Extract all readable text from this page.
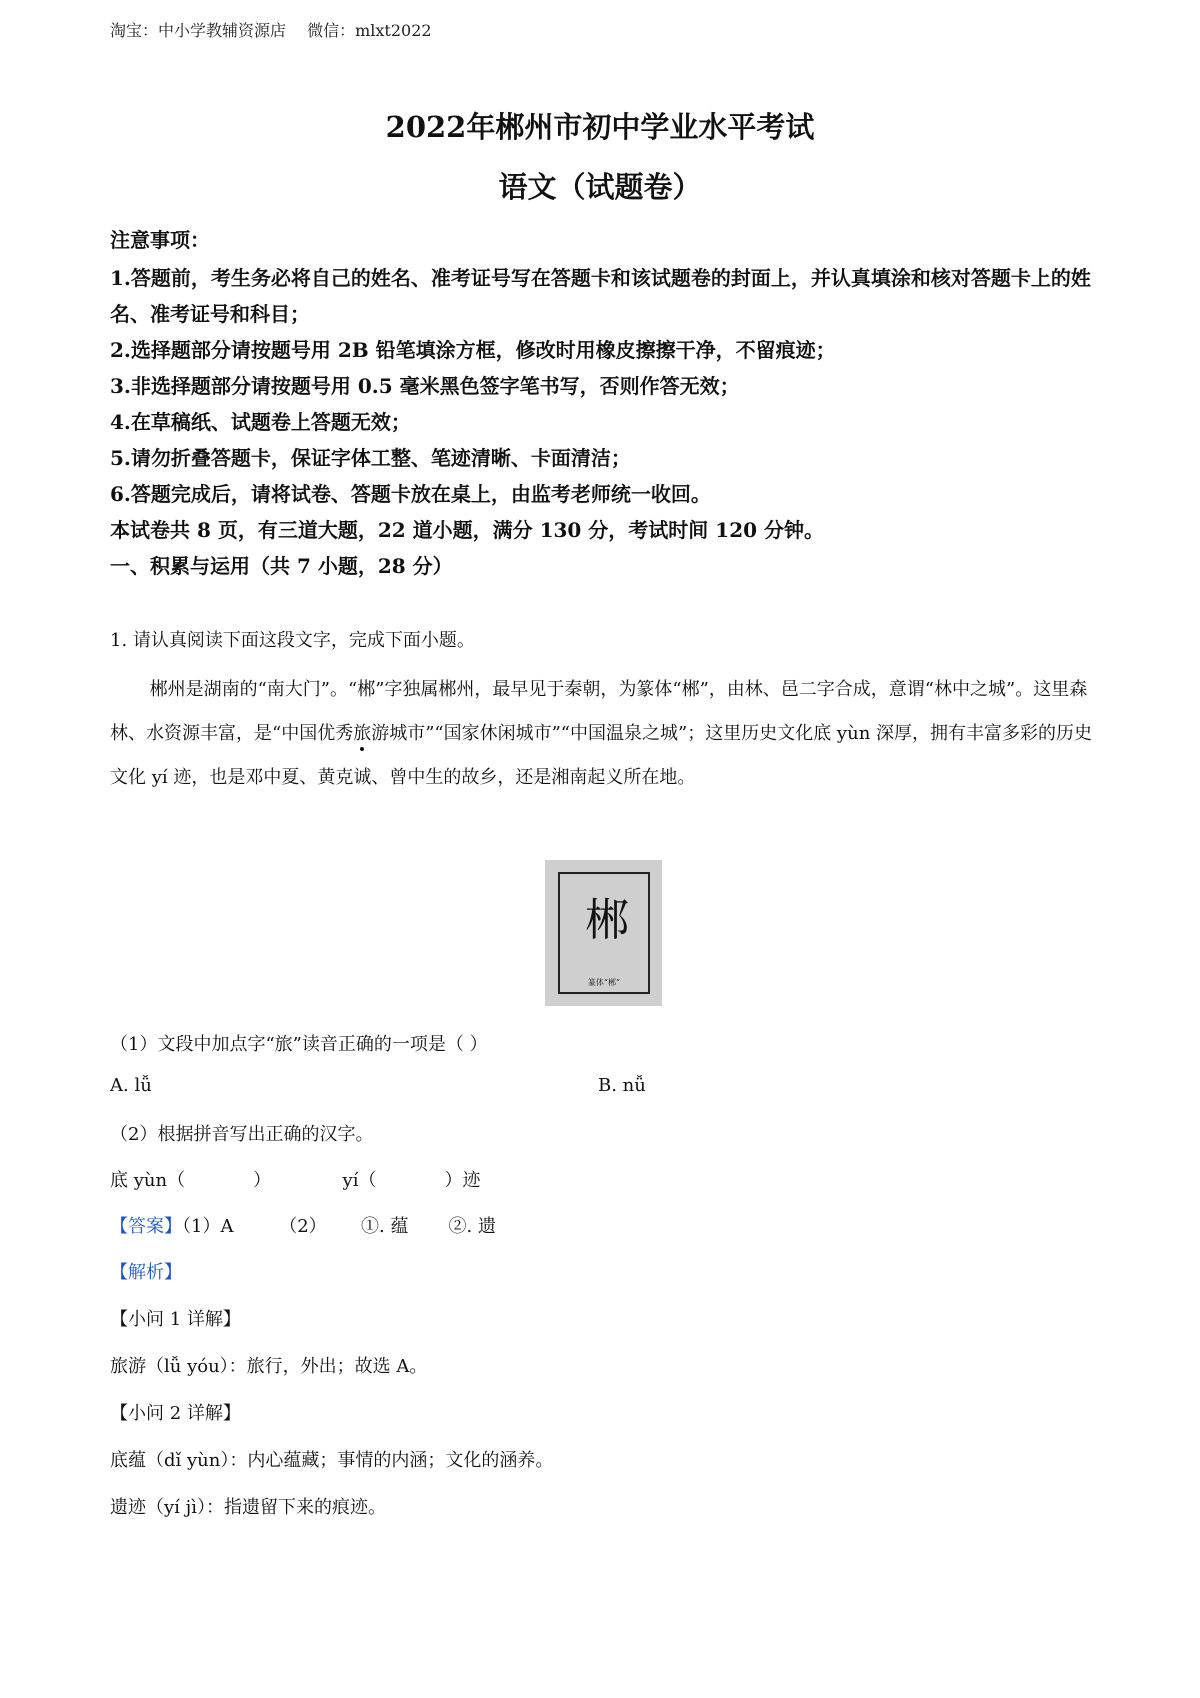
淘宝：中小学教辅资源店 微信：mlxt2022
2022年郴州市初中学业水平考试
语文（试题卷）

注意事项：

1.答题前，考生务必将自己的姓名、准考证号写在答题卡和该试题卷的封面上，并认真填涂和核对答题卡上的姓名、准考证号和科目；

2.选择题部分请按题号用 2B 铅笔填涂方框，修改时用橡皮擦擦干净，不留痕迹；

3.非选择题部分请按题号用 0.5 毫米黑色签字笔书写，否则作答无效；

4.在草稿纸、试题卷上答题无效；

5.请勿折叠答题卡，保证字体工整、笔迹清晰、卡面清洁；

6.答题完成后，请将试卷、答题卡放在桌上，由监考老师统一收回。

本试卷共 8 页，有三道大题，22 道小题，满分 130 分，考试时间 120 分钟。

一、积累与运用（共 7 小题，28 分）

1. 请认真阅读下面这段文字，完成下面小题。

郴州是湖南的“南大门”。“郴”字独属郴州，最早见于秦朝，为篆体“郴”，由林、邑二字合成，意谓“林中之城”。这里森林、水资源丰富，是“中国优秀旅游城市”“国家休闲城市”“中国温泉之城”；这里历史文化底 yùn 深厚，拥有丰富多彩的历史文化 yí 迹，也是邓中夏、黄克诚、曾中生的故乡，还是湘南起义所在地。

郴
篆体“郴”
（1）文段中加点字“旅”读音正确的一项是（ ）
A. lǚ	B. nǚ
（2）根据拼音写出正确的汉字。
底 yùn（	）	yí（	）迹
【答案】（1）A        （2）      ①. 蕴       ②. 遗
【解析】
【小问 1 详解】
旅游（lǚ yóu）：旅行，外出；故选 A。
【小问 2 详解】
底蕴（dǐ yùn）：内心蕴藏；事情的内涵；文化的涵养。
遗迹（yí jì）：指遗留下来的痕迹。
